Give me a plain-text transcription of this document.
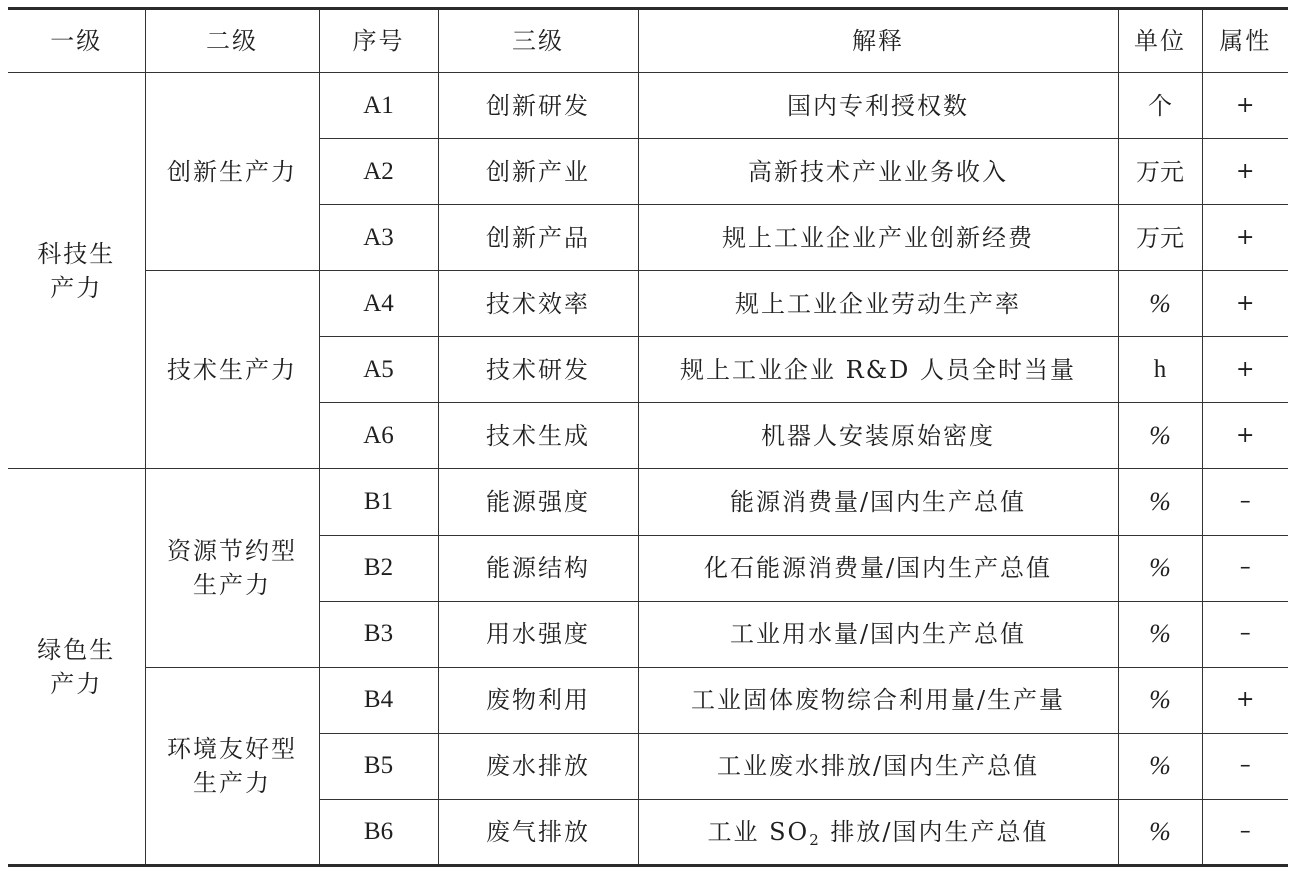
一级	二级	序号	三级	解释	单位	属性

科技生产力	创新生产力	A1	创新研发	国内专利授权数	个	+
		A2	创新产业	高新技术产业业务收入	万元	+
		A3	创新产品	规上工业企业产业创新经费	万元	+
	技术生产力	A4	技术效率	规上工业企业劳动生产率	%	+
		A5	技术研发	规上工业企业 R&D 人员全时当量	h	+
		A6	技术生成	机器人安装原始密度	%	+

绿色生产力	资源节约型生产力	B1	能源强度	能源消费量/国内生产总值	%	–
		B2	能源结构	化石能源消费量/国内生产总值	%	–
		B3	用水强度	工业用水量/国内生产总值	%	–

	环境友好型生产力	B4	废物利用	工业固体废物综合利用量/生产量	%	+
		B5	废水排放	工业废水排放/国内生产总值	%	–
		B6	废气排放	工业 $SO_2$ 排放/国内生产总值	%	–
